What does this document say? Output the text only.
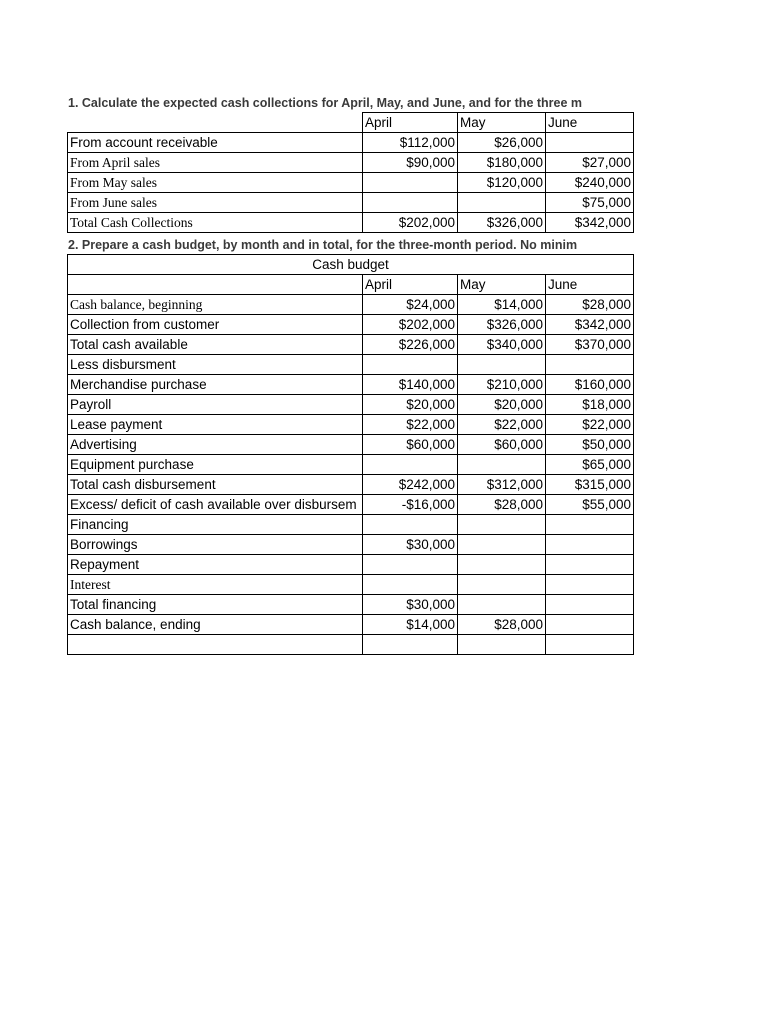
1. Calculate the expected cash collections for April, May, and June, and for the three m
	April	May	June
From account receivable	$112,000	$26,000	
From April sales	$90,000	$180,000	$27,000
From May sales		$120,000	$240,000
From June sales			$75,000
Total Cash Collections	$202,000	$326,000	$342,000
2. Prepare a cash budget, by month and in total, for the three-month period. No minim
Cash budget			
	April	May	June
Cash balance, beginning	$24,000	$14,000	$28,000
Collection from customer	$202,000	$326,000	$342,000
Total cash available	$226,000	$340,000	$370,000
Less disbursment			
Merchandise purchase	$140,000	$210,000	$160,000
Payroll	$20,000	$20,000	$18,000
Lease payment	$22,000	$22,000	$22,000
Advertising	$60,000	$60,000	$50,000
Equipment purchase			$65,000
Total cash disbursement	$242,000	$312,000	$315,000
Excess/ deficit of cash available over disbursem	-$16,000	$28,000	$55,000
Financing			
Borrowings	$30,000		
Repayment			
Interest			
Total financing	$30,000		
Cash balance, ending	$14,000	$28,000	
